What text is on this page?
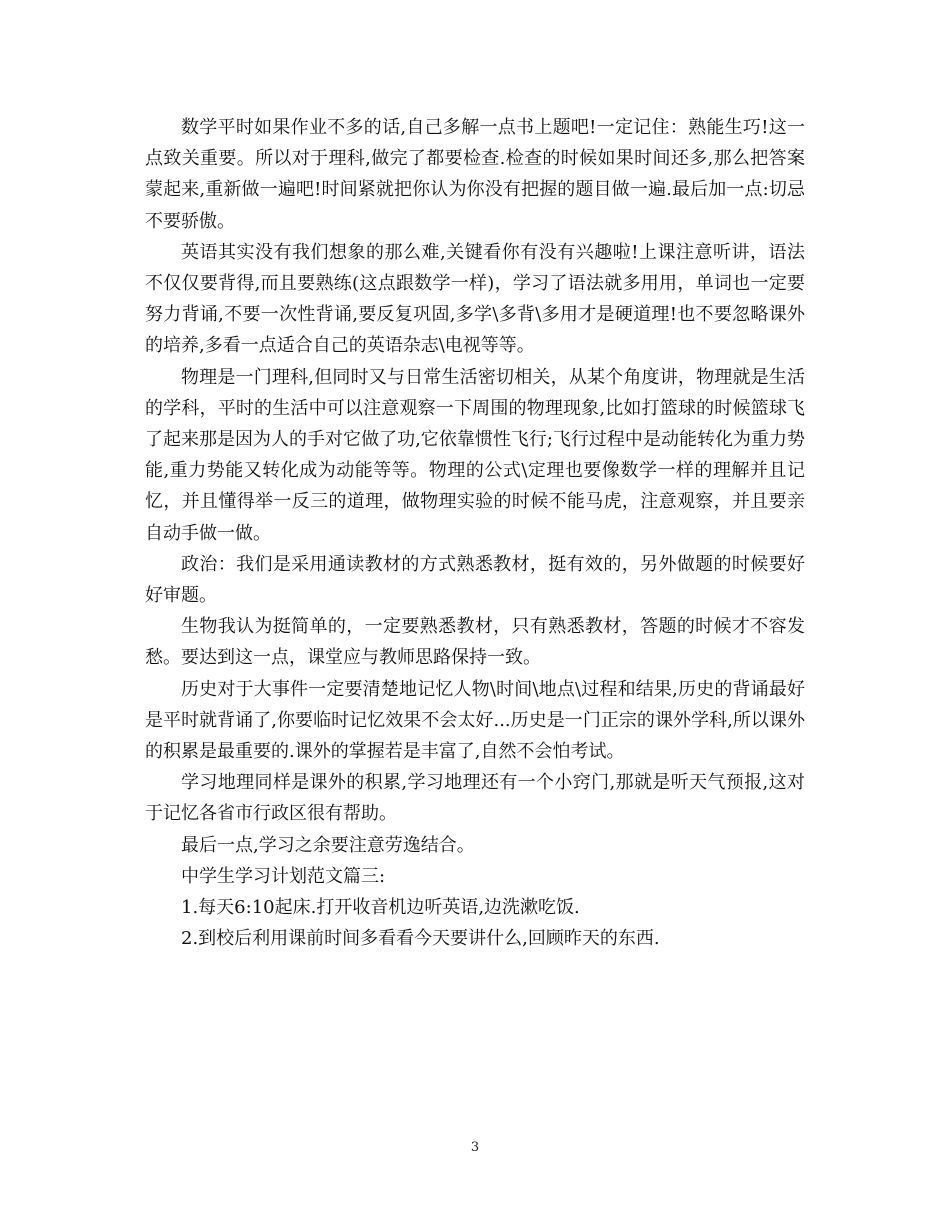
数学平时如果作业不多的话,自己多解一点书上题吧!一定记住：熟能生巧!这一点致关重要。所以对于理科,做完了都要检查.检查的时候如果时间还多,那么把答案蒙起来,重新做一遍吧!时间紧就把你认为你没有把握的题目做一遍.最后加一点:切忌不要骄傲。

英语其实没有我们想象的那么难,关键看你有没有兴趣啦!上课注意听讲，语法不仅仅要背得,而且要熟练(这点跟数学一样)，学习了语法就多用用，单词也一定要努力背诵,不要一次性背诵,要反复巩固,多学\多背\多用才是硬道理!也不要忽略课外的培养,多看一点适合自己的英语杂志\电视等等。

物理是一门理科,但同时又与日常生活密切相关，从某个角度讲，物理就是生活的学科，平时的生活中可以注意观察一下周围的物理现象,比如打篮球的时候篮球飞了起来那是因为人的手对它做了功,它依靠惯性飞行;飞行过程中是动能转化为重力势能,重力势能又转化成为动能等等。物理的公式\定理也要像数学一样的理解并且记忆，并且懂得举一反三的道理，做物理实验的时候不能马虎，注意观察，并且要亲自动手做一做。

政治：我们是采用通读教材的方式熟悉教材，挺有效的，另外做题的时候要好好审题。

生物我认为挺简单的，一定要熟悉教材，只有熟悉教材，答题的时候才不容发愁。要达到这一点，课堂应与教师思路保持一致。

历史对于大事件一定要清楚地记忆人物\时间\地点\过程和结果,历史的背诵最好是平时就背诵了,你要临时记忆效果不会太好...历史是一门正宗的课外学科,所以课外的积累是最重要的.课外的掌握若是丰富了,自然不会怕考试。

学习地理同样是课外的积累,学习地理还有一个小窍门,那就是听天气预报,这对于记忆各省市行政区很有帮助。

最后一点,学习之余要注意劳逸结合。

中学生学习计划范文篇三:

1.每天6:10起床.打开收音机边听英语,边洗漱吃饭.

2.到校后利用课前时间多看看今天要讲什么,回顾昨天的东西.

3
